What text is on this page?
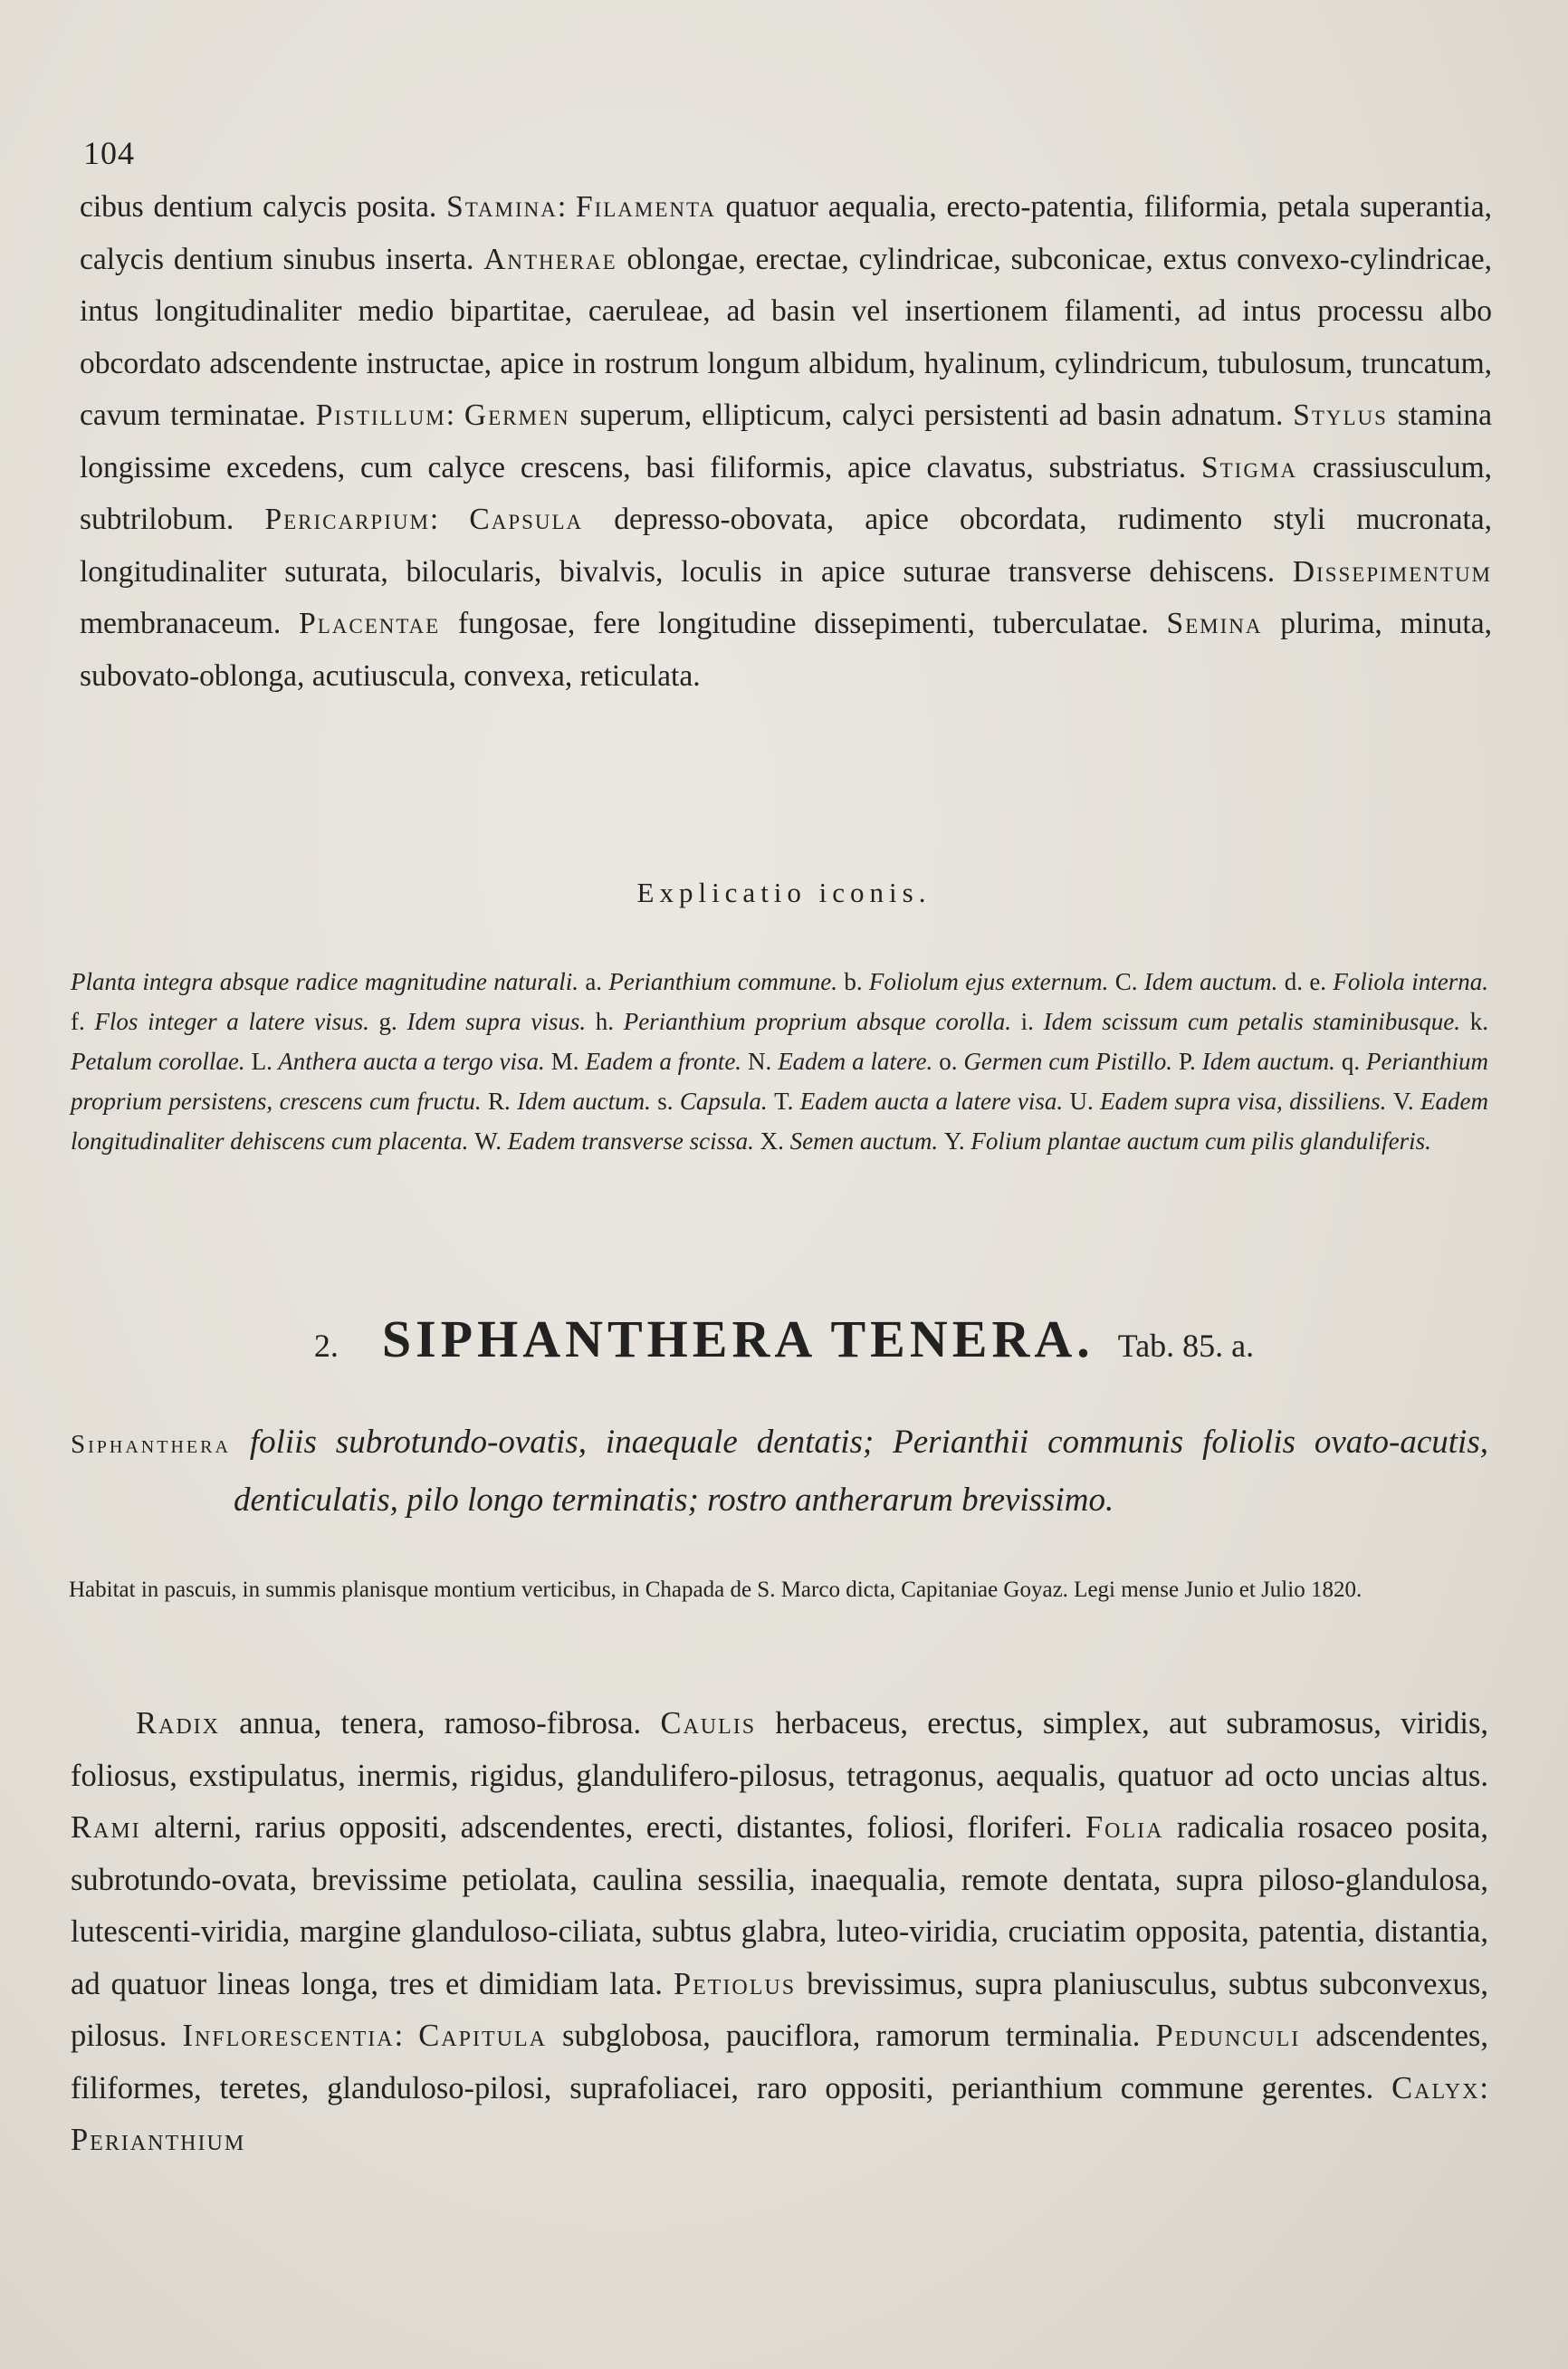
104
cibus dentium calycis posita. Stamina: Filamenta quatuor aequalia, erecto-patentia, filiformia, petala superantia, calycis dentium sinubus inserta. Antherae oblongae, erectae, cylindricae, subconicae, extus convexo-cylindricae, intus longitudinaliter medio bipartitae, caeruleae, ad basin vel insertionem filamenti, ad intus processu albo obcordato adscendente instructae, apice in rostrum longum albidum, hyalinum, cylindricum, tubulosum, truncatum, cavum terminatae. Pistillum: Germen superum, ellipticum, calyci persistenti ad basin adnatum. Stylus stamina longissime excedens, cum calyce crescens, basi filiformis, apice clavatus, substriatus. Stigma crassiusculum, subtrilobum. Pericarpium: Capsula depresso-obovata, apice obcordata, rudimento styli mucronata, longitudinaliter suturata, bilocularis, bivalvis, loculis in apice suturae transverse dehiscens. Dissepimentum membranaceum. Placentae fungosae, fere longitudine dissepimenti, tuberculatae. Semina plurima, minuta, subovato-oblonga, acutiuscula, convexa, reticulata.
Explicatio iconis.
Planta integra absque radice magnitudine naturali. a. Perianthium commune. b. Foliolum ejus externum. C. Idem auctum. d. e. Foliola interna. f. Flos integer a latere visus. g. Idem supra visus. h. Perianthium proprium absque corolla. i. Idem scissum cum petalis staminibusque. k. Petalum corollae. L. Anthera aucta a tergo visa. M. Eadem a fronte. N. Eadem a latere. o. Germen cum Pistillo. P. Idem auctum. q. Perianthium proprium persistens, crescens cum fructu. R. Idem auctum. s. Capsula. T. Eadem aucta a latere visa. U. Eadem supra visa, dissiliens. V. Eadem longitudinaliter dehiscens cum placenta. W. Eadem transverse scissa. X. Semen auctum. Y. Folium plantae auctum cum pilis glanduliferis.
2. SIPHANTHERA TENERA. Tab. 85. a.
Siphanthera foliis subrotundo-ovatis, inaequale dentatis; Perianthii communis foliolis ovato-acutis, denticulatis, pilo longo terminatis; rostro antherarum brevissimo.
Habitat in pascuis, in summis planisque montium verticibus, in Chapada de S. Marco dicta, Capitaniae Goyaz. Legi mense Junio et Julio 1820.
Radix annua, tenera, ramoso-fibrosa. Caulis herbaceus, erectus, simplex, aut subramosus, viridis, foliosus, exstipulatus, inermis, rigidus, glandulifero-pilosus, tetragonus, aequalis, quatuor ad octo uncias altus. Rami alterni, rarius oppositi, adscendentes, erecti, distantes, foliosi, floriferi. Folia radicalia rosaceo posita, subrotundo-ovata, brevissime petiolata, caulina sessilia, inaequalia, remote dentata, supra piloso-glandulosa, lutescenti-viridia, margine glanduloso-ciliata, subtus glabra, luteo-viridia, cruciatim opposita, patentia, distantia, ad quatuor lineas longa, tres et dimidiam lata. Petiolus brevissimus, supra planiusculus, subtus subconvexus, pilosus. Inflorescentia: Capitula subglobosa, pauciflora, ramorum terminalia. Pedunculi adscendentes, filiformes, teretes, glanduloso-pilosi, suprafoliacei, raro oppositi, perianthium commune gerentes. Calyx: Perianthium
